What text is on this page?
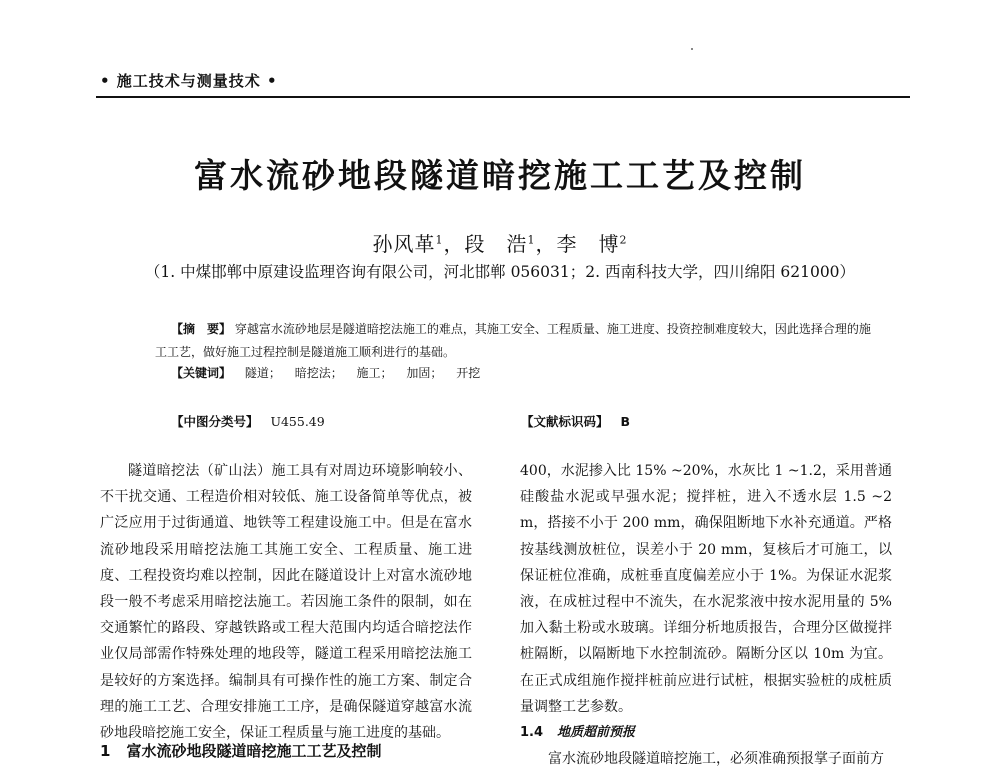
• 施工技术与测量技术 •
富水流砂地段隧道暗挖施工工艺及控制
孙风革$^1$，段　浩$^1$，李　博$^2$
（1. 中煤邯郸中原建设监理咨询有限公司，河北邯郸 056031；2. 西南科技大学，四川绵阳 621000）
【摘　要】 穿越富水流砂地层是隧道暗挖法施工的难点，其施工安全、工程质量、施工进度、投资控制难度较大，因此选择合理的施工工艺，做好施工过程控制是隧道施工顺利进行的基础。
【关键词】 隧道； 暗挖法； 施工； 加固； 开挖
【中图分类号】 U455.49	【文献标识码】 B

隧道暗挖法（矿山法）施工具有对周边环境影响较小、不干扰交通、工程造价相对较低、施工设备简单等优点，被广泛应用于过街通道、地铁等工程建设施工中。但是在富水流砂地段采用暗挖法施工其施工安全、工程质量、施工进度、工程投资均难以控制，因此在隧道设计上对富水流砂地段一般不考虑采用暗挖法施工。若因施工条件的限制，如在交通繁忙的路段、穿越铁路或工程大范围内均适合暗挖法作业仅局部需作特殊处理的地段等，隧道工程采用暗挖法施工是较好的方案选择。编制具有可操作性的施工方案、制定合理的施工工艺、合理安排施工工序，是确保隧道穿越富水流砂地段暗挖施工安全，保证工程质量与施工进度的基础。

1 富水流砂地段隧道暗挖施工工艺及控制

400，水泥掺入比 15% ~20%，水灰比 1 ~1.2，采用普通硅酸盐水泥或早强水泥；搅拌桩，进入不透水层 1.5 ~2 m，搭接不小于 200 mm，确保阻断地下水补充通道。严格按基线测放桩位，误差小于 20 mm，复核后才可施工，以保证桩位准确，成桩垂直度偏差应小于 1%。为保证水泥浆液，在成桩过程中不流失，在水泥浆液中按水泥用量的 5% 加入黏土粉或水玻璃。详细分析地质报告，合理分区做搅拌桩隔断，以隔断地下水控制流砂。隔断分区以 10m 为宜。在正式成组施作搅拌桩前应进行试桩，根据实验桩的成桩质量调整工艺参数。

1.4 地质超前预报

富水流砂地段隧道暗挖施工，必须准确预报掌子面前方
